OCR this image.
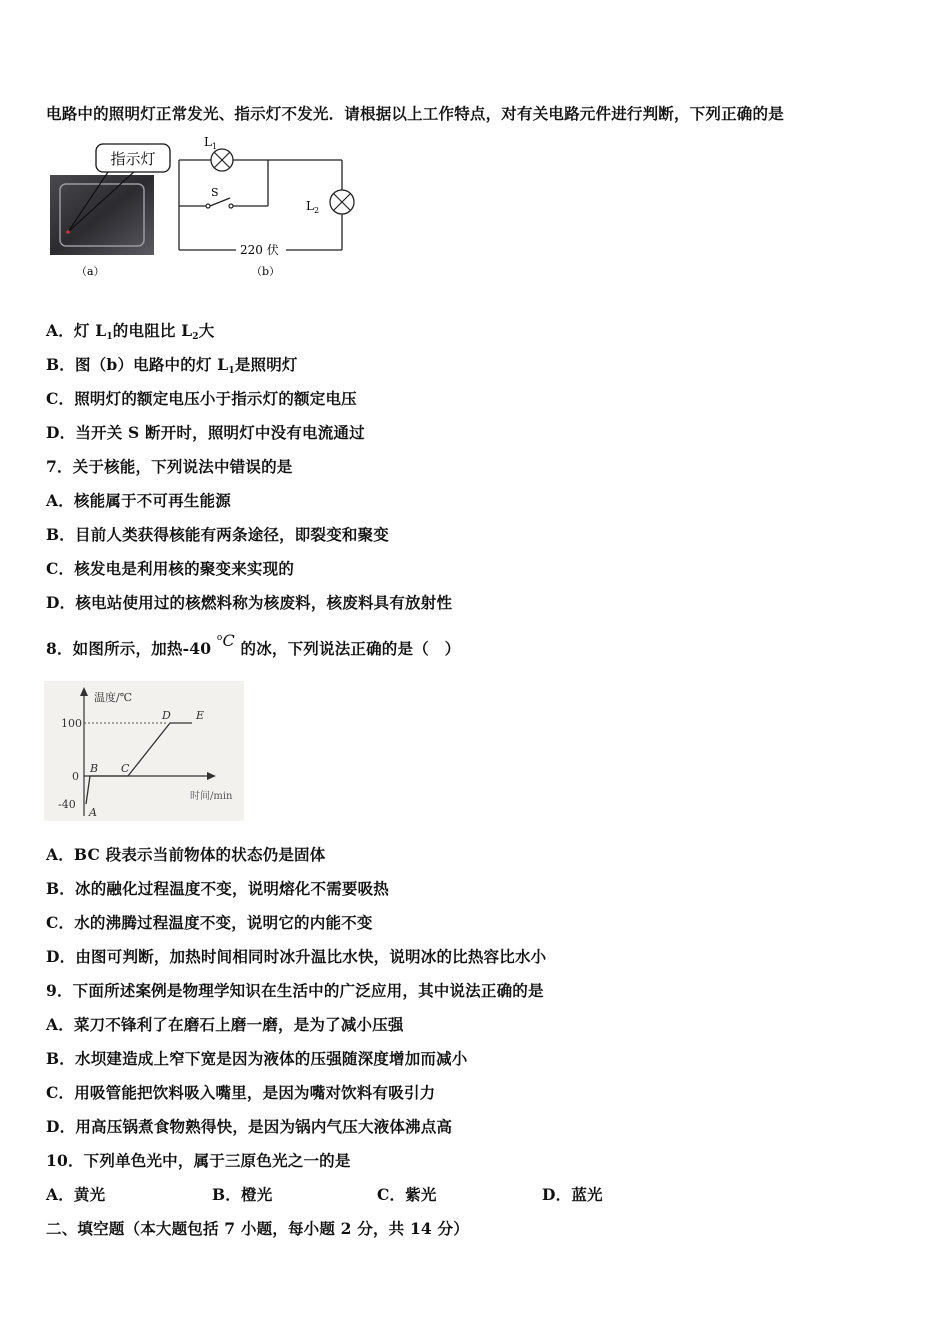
电路中的照明灯正常发光、指示灯不发光．请根据以上工作特点，对有关电路元件进行判断，下列正确的是
指示灯
（a）
$L_1$
$L_2$
S
220 伏
（b）
A．灯 $L_1$的电阻比 $L_2$大
B．图（b）电路中的灯 $L_1$是照明灯
C．照明灯的额定电压小于指示灯的额定电压
D．当开关 S 断开时，照明灯中没有电流通过
7．关于核能，下列说法中错误的是
A．核能属于不可再生能源
B．目前人类获得核能有两条途径，即裂变和聚变
C．核发电是利用核的聚变来实现的
D．核电站使用过的核燃料称为核废料，核废料具有放射性
8．如图所示，加热-40 $^o$C 的冰，下列说法正确的是（　）
温度/℃
时间/min
100
0
-40
A
B C
D E
A．BC 段表示当前物体的状态仍是固体
B．冰的融化过程温度不变，说明熔化不需要吸热
C．水的沸腾过程温度不变，说明它的内能不变
D．由图可判断，加热时间相同时冰升温比水快，说明冰的比热容比水小
9．下面所述案例是物理学知识在生活中的广泛应用，其中说法正确的是
A．菜刀不锋利了在磨石上磨一磨，是为了减小压强
B．水坝建造成上窄下宽是因为液体的压强随深度增加而减小
C．用吸管能把饮料吸入嘴里，是因为嘴对饮料有吸引力
D．用高压锅煮食物熟得快，是因为锅内气压大液体沸点高
10．下列单色光中，属于三原色光之一的是
A．黄光	B．橙光	C．紫光	D．蓝光
二、填空题（本大题包括 7 小题，每小题 2 分，共 14 分）
